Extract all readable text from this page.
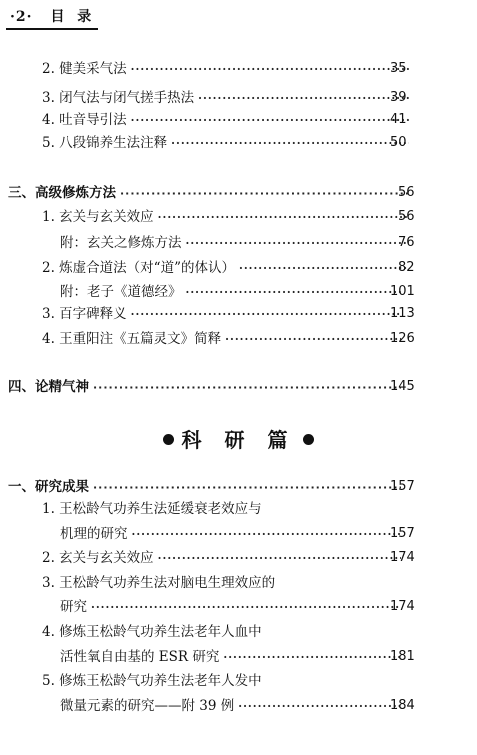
·2· 目  录
2. 健美采气法 ·····	35
3. 闭气法与闭气搓手热法 ·····	39
4. 吐音导引法 ·····	41
5. 八段锦养生法注释 ·····	50
三、高级修炼方法 ·····	56
1. 玄关与玄关效应 ·····	56
附：玄关之修炼方法 ·····	76
2. 炼虚合道法（对“道”的体认） ·····	82
附：老子《道德经》 ·····	101
3. 百字碑释义 ·····	113
4. 王重阳注《五篇灵文》简释 ·····	126
四、论精气神 ·····	145
科 研 篇
一、研究成果 ·····	157
1. 王松龄气功养生法延缓衰老效应与
机理的研究 ·····	157
2. 玄关与玄关效应 ·····	174
3. 王松龄气功养生法对脑电生理效应的
研究 ·····	174
4. 修炼王松龄气功养生法老年人血中
活性氧自由基的 ESR 研究 ·····	181
5. 修炼王松龄气功养生法老年人发中
微量元素的研究——附 39 例 ·····	184
